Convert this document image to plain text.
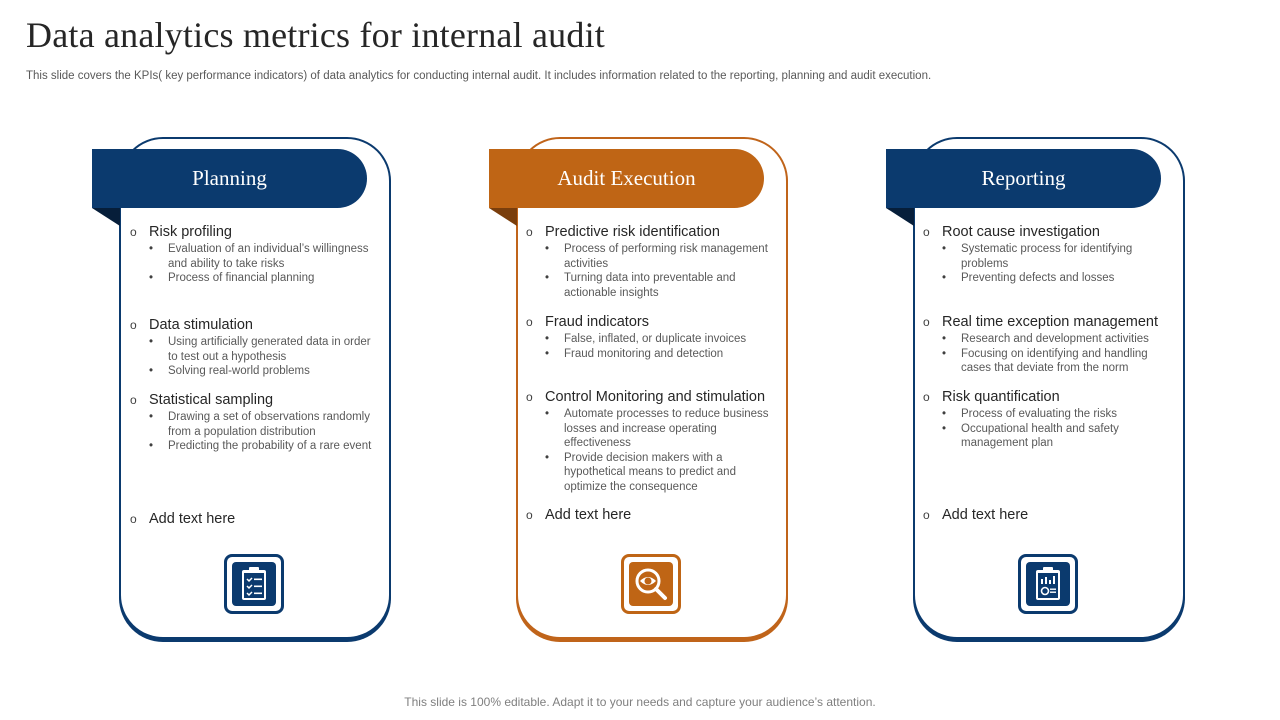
Data analytics metrics for internal audit

This slide covers the KPIs( key performance indicators) of data analytics for conducting internal audit. It includes information related to the reporting, planning and audit execution.

Planning
o Risk profiling
• Evaluation of an individual’s willingness and ability to take risks
• Process of financial planning
o Data stimulation
• Using artificially generated data in order to test out a hypothesis
• Solving real-world problems
o Statistical sampling
• Drawing a set of observations randomly from a population distribution
• Predicting the probability of a rare event
o Add text here
Audit Execution
o Predictive risk identification
• Process of performing risk management activities
• Turning data into preventable and actionable insights
o Fraud indicators
• False, inflated, or duplicate invoices
• Fraud monitoring and detection
o Control Monitoring and stimulation
• Automate processes to reduce business losses and increase operating effectiveness
• Provide decision makers with a hypothetical means to predict and optimize the consequence
o Add text here
Reporting
o Root cause investigation
• Systematic process for identifying problems
• Preventing defects and losses
o Real time exception management
• Research and development activities
• Focusing on identifying and handling cases that deviate from the norm
o Risk quantification
• Process of evaluating the risks
• Occupational health and safety management plan
o Add text here
This slide is 100% editable. Adapt it to your needs and capture your audience’s attention.
